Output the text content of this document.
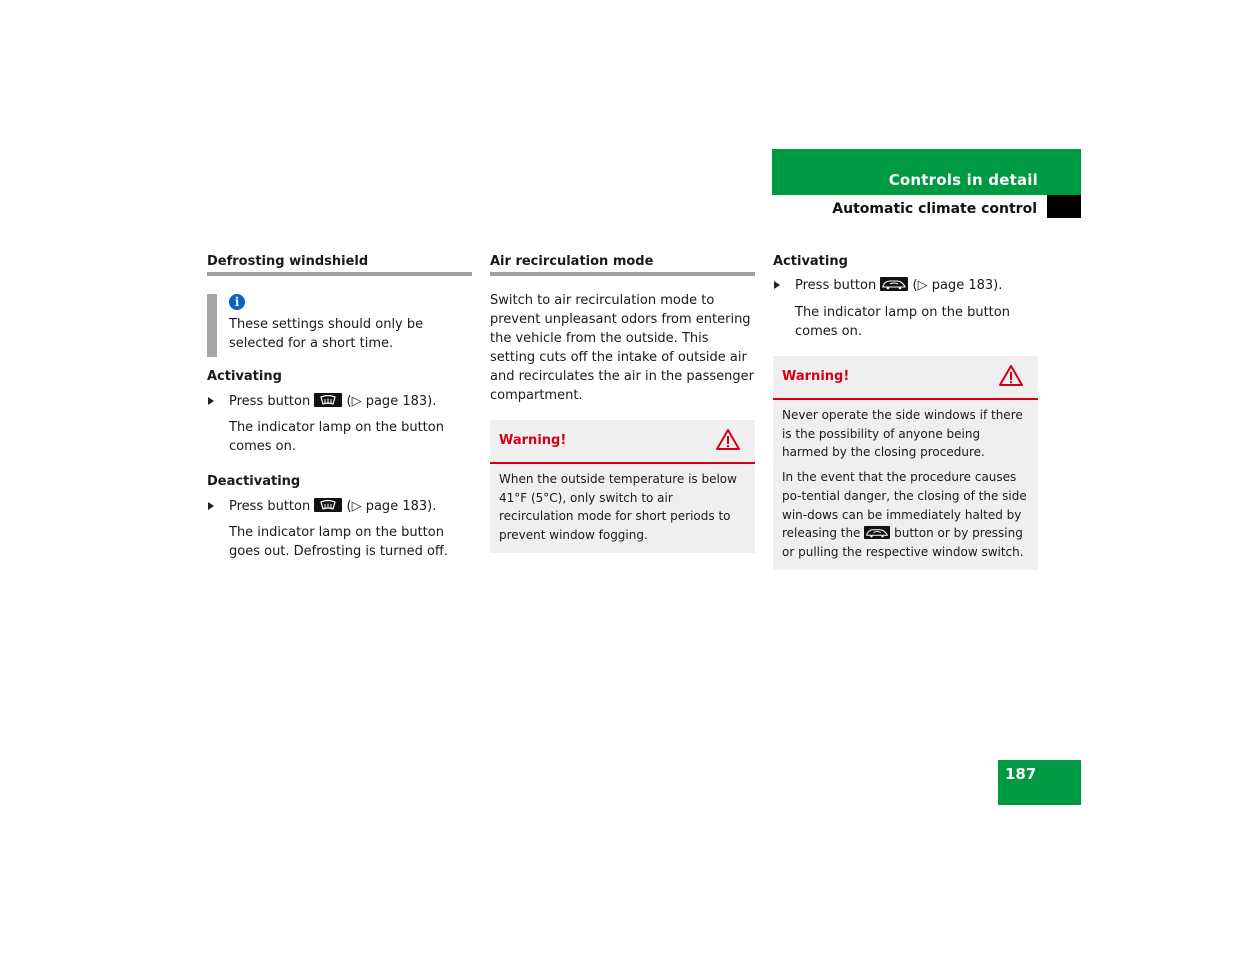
Controls in detail
Automatic climate control
Defrosting windshield
i

These settings should only be selected for a short time.

Activating
Press button	(▷ page 183).

The indicator lamp on the button comes on.

Deactivating
Press button	(▷ page 183).

The indicator lamp on the button goes out. Defrosting is turned off.

Air recirculation mode

Switch to air recirculation mode to prevent unpleasant odors from entering the vehicle from the outside. This setting cuts off the intake of outside air and recirculates the air in the passenger compartment.

Warning!

When the outside temperature is below 41°F (5°C), only switch to air recirculation mode for short periods to prevent window fogging.

Activating
Press button	(▷ page 183).

The indicator lamp on the button comes on.

Warning!

Never operate the side windows if there is the possibility of anyone being harmed by the closing procedure.

In the event that the procedure causes po-tential danger, the closing of the side win-dows can be immediately halted by releasing the	button or by pressing or pulling the respective window switch.

187
